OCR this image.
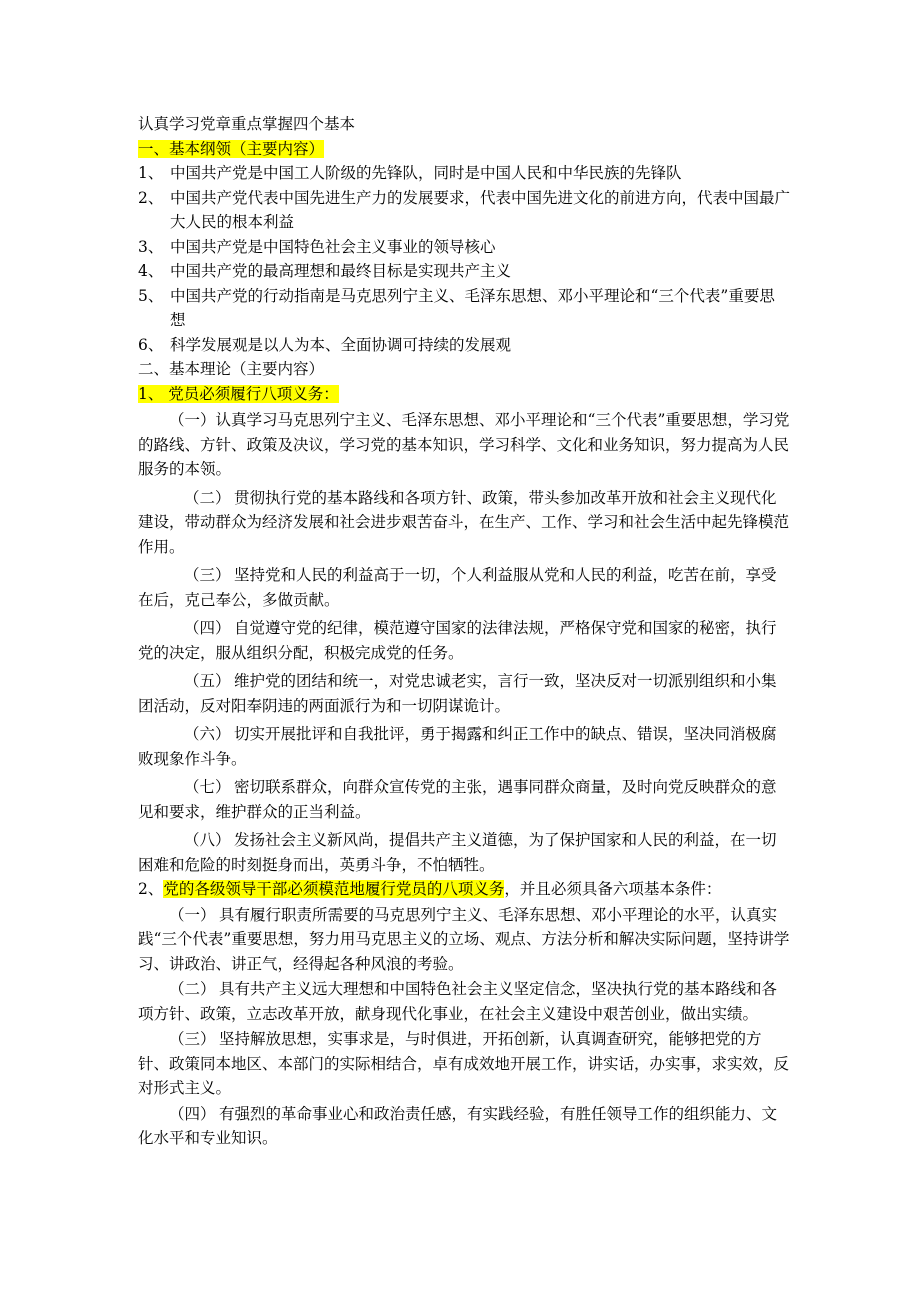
认真学习党章重点掌握四个基本

一、基本纲领（主要内容）

1、 中国共产党是中国工人阶级的先锋队，同时是中国人民和中华民族的先锋队
2、 中国共产党代表中国先进生产力的发展要求，代表中国先进文化的前进方向，代表中国最广大人民的根本利益
3、 中国共产党是中国特色社会主义事业的领导核心
4、 中国共产党的最高理想和最终目标是实现共产主义
5、 中国共产党的行动指南是马克思列宁主义、毛泽东思想、邓小平理论和“三个代表”重要思想
6、 科学发展观是以人为本、全面协调可持续的发展观

二、基本理论（主要内容）

1、 党员必须履行八项义务：

（一）认真学习马克思列宁主义、毛泽东思想、邓小平理论和“三个代表”重要思想，学习党的路线、方针、政策及决议，学习党的基本知识，学习科学、文化和业务知识，努力提高为人民服务的本领。

（二） 贯彻执行党的基本路线和各项方针、政策，带头参加改革开放和社会主义现代化建设，带动群众为经济发展和社会进步艰苦奋斗，在生产、工作、学习和社会生活中起先锋模范作用。

（三） 坚持党和人民的利益高于一切，个人利益服从党和人民的利益，吃苦在前，享受在后，克己奉公，多做贡献。

（四） 自觉遵守党的纪律，模范遵守国家的法律法规，严格保守党和国家的秘密，执行党的决定，服从组织分配，积极完成党的任务。

（五） 维护党的团结和统一，对党忠诚老实，言行一致，坚决反对一切派别组织和小集团活动，反对阳奉阴违的两面派行为和一切阴谋诡计。

（六） 切实开展批评和自我批评，勇于揭露和纠正工作中的缺点、错误，坚决同消极腐败现象作斗争。

（七） 密切联系群众，向群众宣传党的主张，遇事同群众商量，及时向党反映群众的意见和要求，维护群众的正当利益。

（八） 发扬社会主义新风尚，提倡共产主义道德，为了保护国家和人民的利益，在一切困难和危险的时刻挺身而出，英勇斗争，不怕牺牲。

2、党的各级领导干部必须模范地履行党员的八项义务，并且必须具备六项基本条件：

（一） 具有履行职责所需要的马克思列宁主义、毛泽东思想、邓小平理论的水平，认真实践“三个代表”重要思想，努力用马克思主义的立场、观点、方法分析和解决实际问题，坚持讲学习、讲政治、讲正气，经得起各种风浪的考验。

（二） 具有共产主义远大理想和中国特色社会主义坚定信念，坚决执行党的基本路线和各项方针、政策，立志改革开放，献身现代化事业，在社会主义建设中艰苦创业，做出实绩。

（三） 坚持解放思想，实事求是，与时俱进，开拓创新，认真调查研究，能够把党的方针、政策同本地区、本部门的实际相结合，卓有成效地开展工作，讲实话，办实事，求实效，反对形式主义。

（四） 有强烈的革命事业心和政治责任感，有实践经验，有胜任领导工作的组织能力、文化水平和专业知识。
